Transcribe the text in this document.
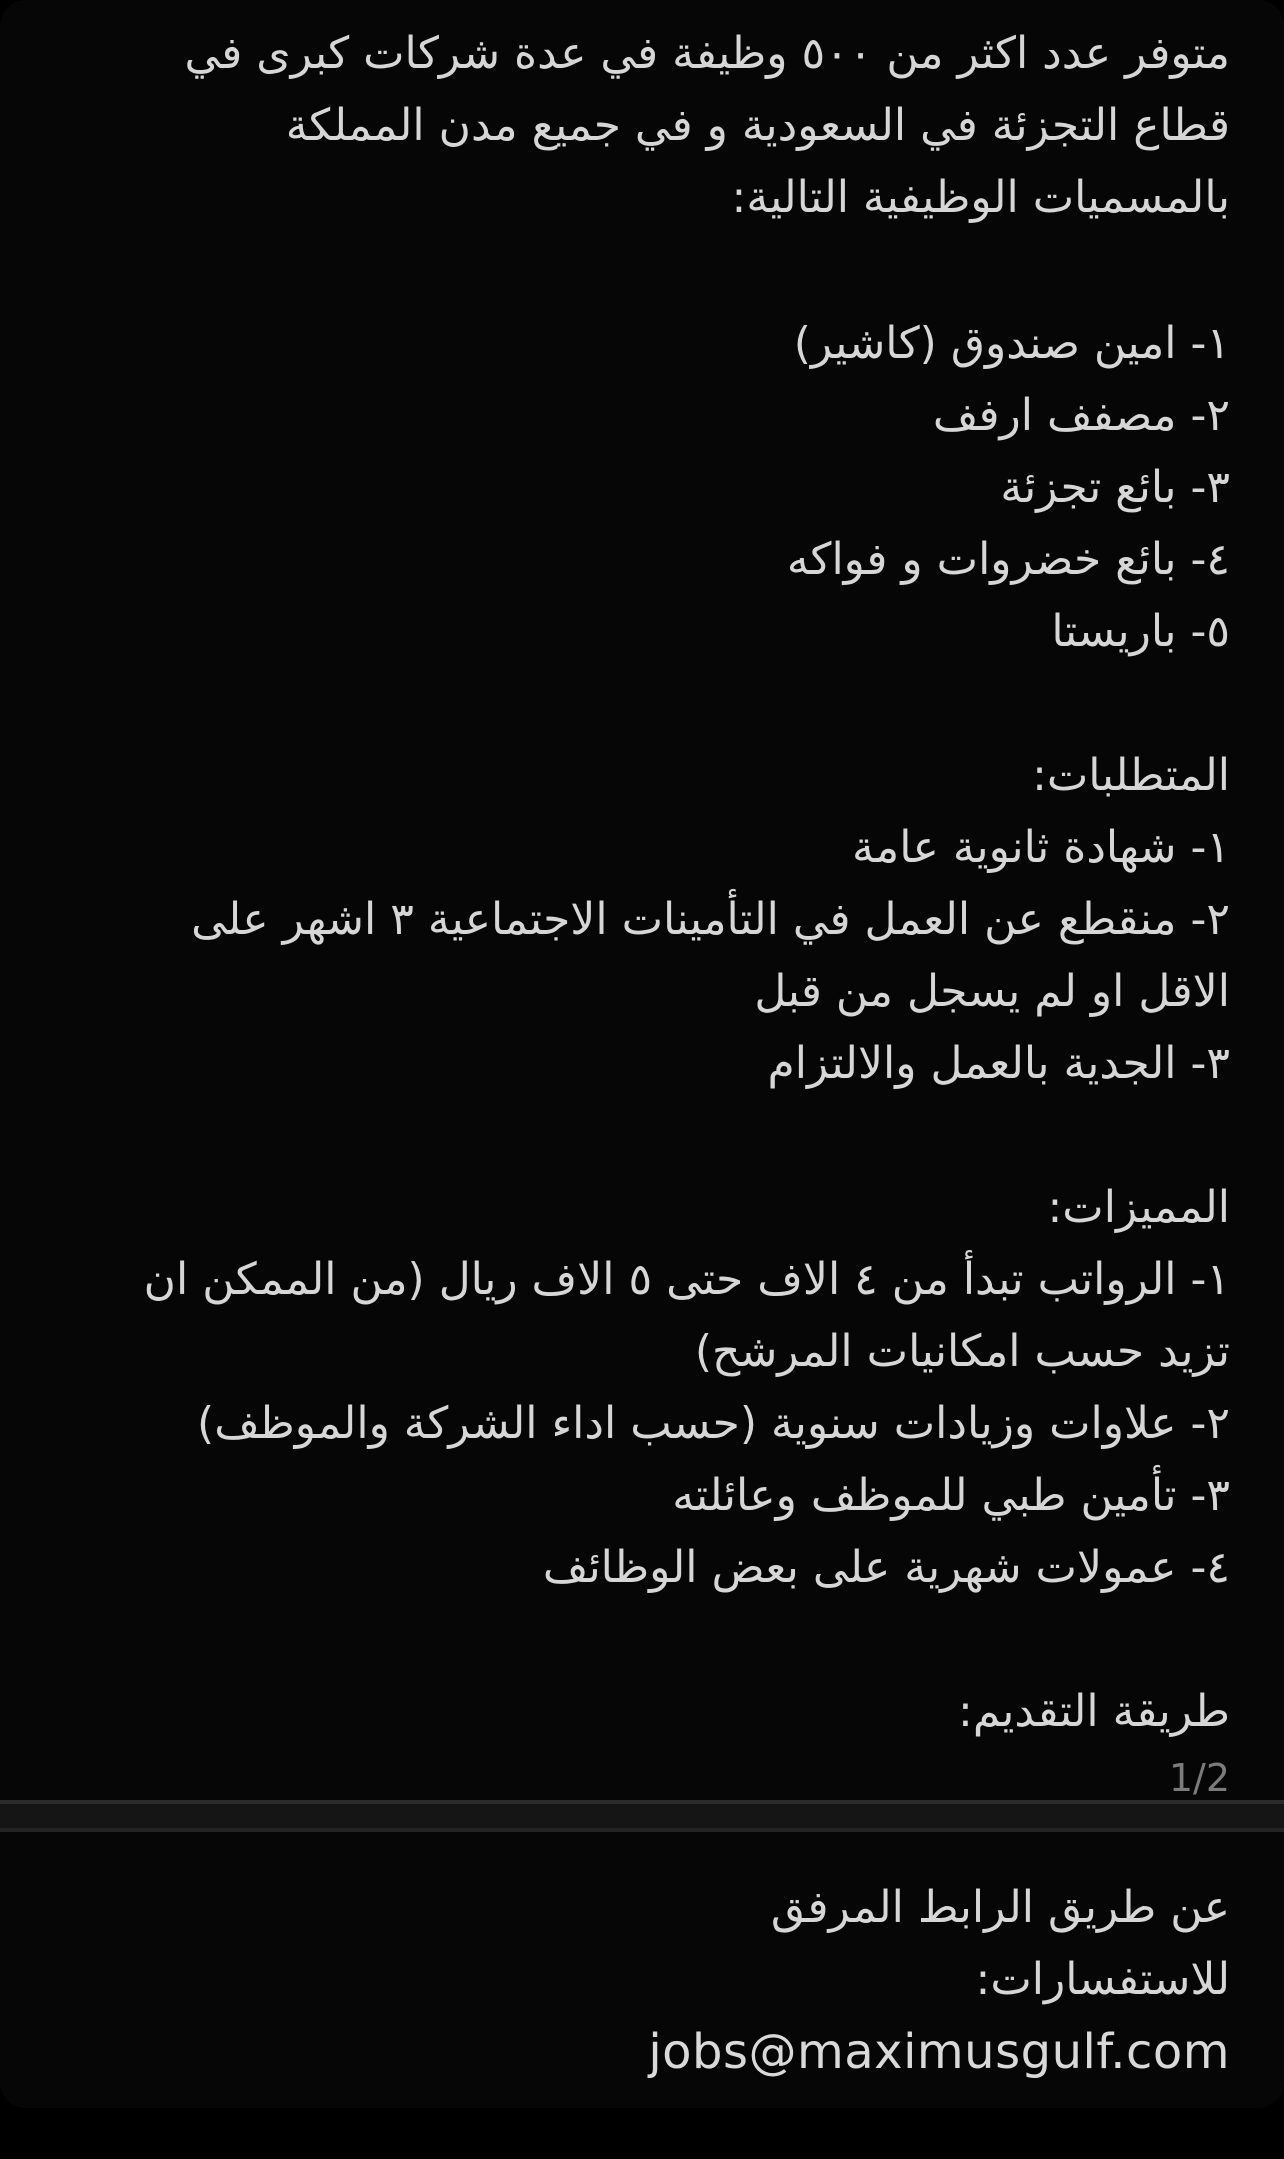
متوفر عدد اكثر من ٥٠٠ وظيفة في عدة شركات كبرى في
قطاع التجزئة في السعودية و في جميع مدن المملكة
بالمسميات الوظيفية التالية:
١- امين صندوق (كاشير)
٢- مصفف ارفف
٣- بائع تجزئة
٤- بائع خضروات و فواكه
٥- باريستا
المتطلبات:
١- شهادة ثانوية عامة
٢- منقطع عن العمل في التأمينات الاجتماعية ٣ اشهر على
الاقل او لم يسجل من قبل
٣- الجدية بالعمل والالتزام
المميزات:
١- الرواتب تبدأ من ٤ الاف حتى ٥ الاف ريال (من الممكن ان
تزيد حسب امكانيات المرشح)
٢- علاوات وزيادات سنوية (حسب اداء الشركة والموظف)
٣- تأمين طبي للموظف وعائلته
٤- عمولات شهرية على بعض الوظائف
طريقة التقديم:
1/2
عن طريق الرابط المرفق
للاستفسارات:
jobs@maximusgulf.com
